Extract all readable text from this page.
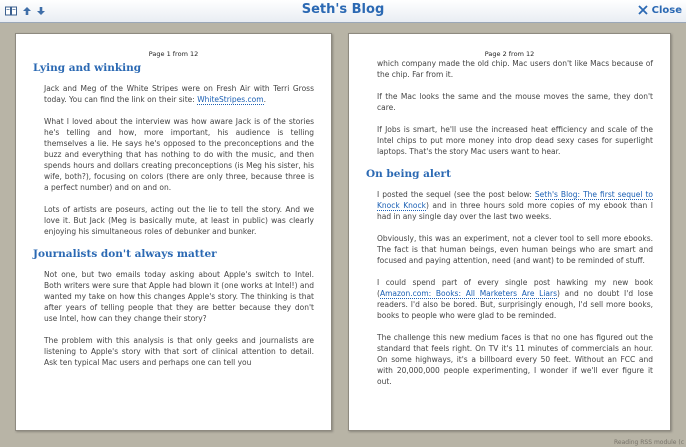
Seth's Blog	Close
Page 1 from 12
Lying and winking

Jack and Meg of the White Stripes were on Fresh Air with Terri Gross today. You can find the link on their site: WhiteStripes.com.

What I loved about the interview was how aware Jack is of the stories he's telling and how, more important, his audience is telling themselves a lie. He says he's opposed to the preconceptions and the buzz and everything that has nothing to do with the music, and then spends hours and dollars creating preconceptions (is Meg his sister, his wife, both?), focusing on colors (there are only three, because three is a perfect number) and on and on.

Lots of artists are poseurs, acting out the lie to tell the story. And we love it. But Jack (Meg is basically mute, at least in public) was clearly enjoying his simultaneous roles of debunker and bunker.

Journalists don't always matter

Not one, but two emails today asking about Apple's switch to Intel. Both writers were sure that Apple had blown it (one works at Intel!) and wanted my take on how this changes Apple's story. The thinking is that after years of telling people that they are better because they don't use Intel, how can they change their story?

The problem with this analysis is that only geeks and journalists are listening to Apple's story with that sort of clinical attention to detail. Ask ten typical Mac users and perhaps one can tell you

Page 2 from 12

which company made the old chip. Mac users don't like Macs because of the chip. Far from it.

If the Mac looks the same and the mouse moves the same, they don't care.

If Jobs is smart, he'll use the increased heat efficiency and scale of the Intel chips to put more money into drop dead sexy cases for superlight laptops. That's the story Mac users want to hear.

On being alert

I posted the sequel (see the post below: Seth's Blog: The first sequel to Knock Knock) and in three hours sold more copies of my ebook than I had in any single day over the last two weeks.

Obviously, this was an experiment, not a clever tool to sell more ebooks. The fact is that human beings, even human beings who are smart and focused and paying attention, need (and want) to be reminded of stuff.

I could spend part of every single post hawking my new book (Amazon.com: Books: All Marketers Are Liars) and no doubt I'd lose readers. I'd also be bored. But, surprisingly enough, I'd sell more books, books to people who were glad to be reminded.

The challenge this new medium faces is that no one has figured out the standard that feels right. On TV it's 11 minutes of commercials an hour. On some highways, it's a billboard every 50 feet. Without an FCC and with 20,000,000 people experimenting, I wonder if we'll ever figure it out.

Reading RSS module (c
